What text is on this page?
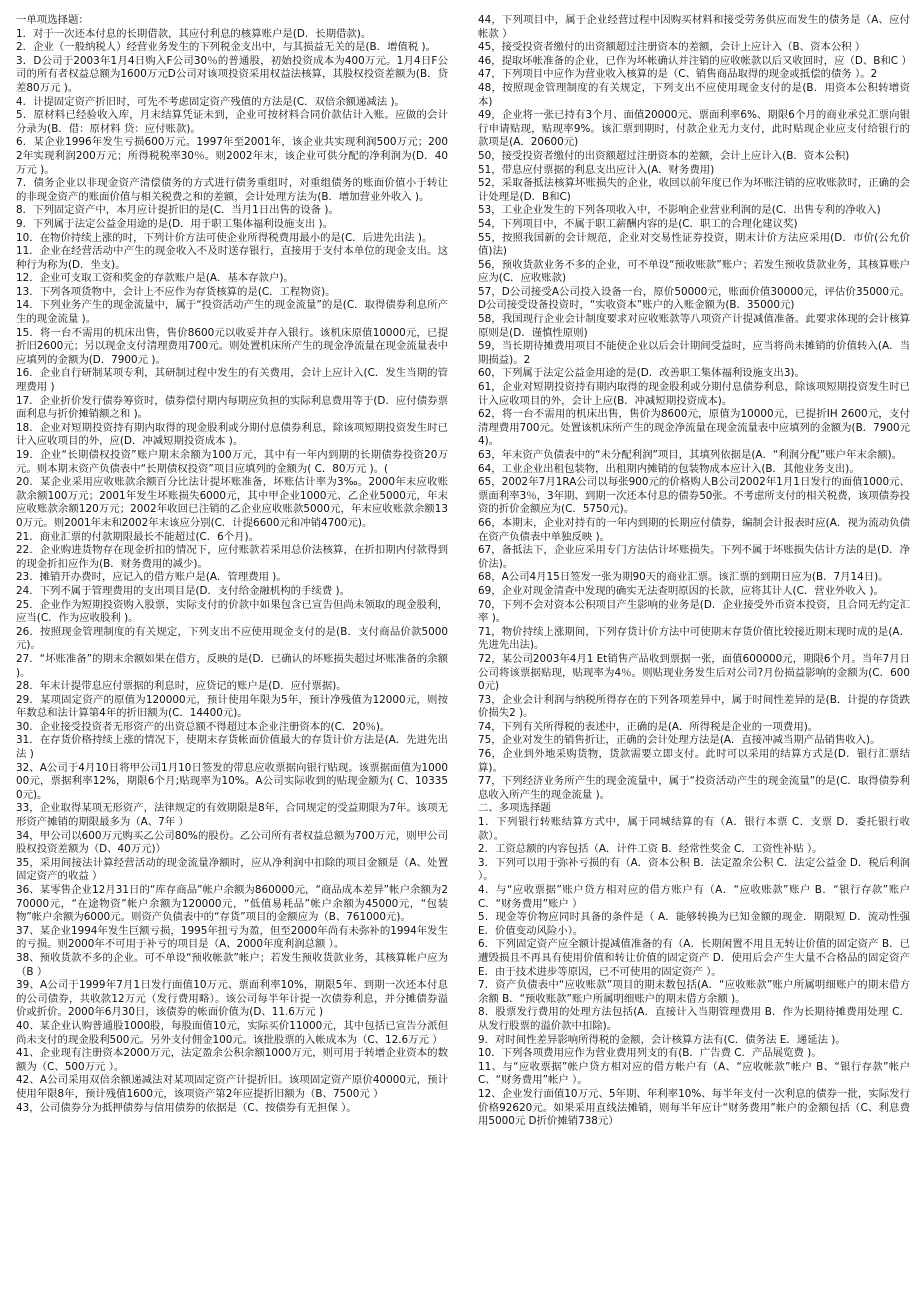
一单项选择题：

1．对于一次还本付息的长期借款，其应付利息的核算账户是(D．长期借款)。

2．企业（一般纳税人）经营业务发生的下列税金支出中，与其损益无关的是(B．增值税 )。

3．D公司于2003年1月4日购入F公司30％的普通股，初始投资成本为400万元。1月4日F公司的所有者权益总额为1600万元D公司对该项投资采用权益法核算，其股权投资差额为(B．贷差80万元 )。

4．计提固定资产折旧时，可先不考虑固定资产残值的方法是(C．双倍余额递减法 )。

5．原材料已经验收入库，月末结算凭证未到，企业可按材料合同价款估计入账。应做的会计分录为(B．借：原材料 贷：应付账款)。

6．某企业1996年发生亏损600万元。1997年至2001年，该企业共实现利润500万元；2002年实现利润200万元；所得税税率30％。则2002年末，该企业可供分配的净利润为(D．40万元 )。

7．债务企业以非现金资产清偿债务的方式进行债务重组时，对重组债务的账面价值小于转让的非现金资产的账面价值与相关税费之和的差额，会计处理方法为(B．增加营业外收入 )。

8．下列固定资产中，本月应计提折旧的是(C．当月1日出售的设备 )。

9．下列属于法定公益金用途的是(D．用于职工集体福利设施支出 )。

10．在物价持续上涨的时，下列计价方法可使企业所得税费用最小的是(C．后进先出法 )。

11．企业在经营活动中产生的现金收入不及时送存银行，直接用于支付本单位的现金支出。这种行为称为(D．坐支)。

12．企业可支取工资和奖金的存款账户是(A．基本存款户)。

13．下列各项货物中，会计上不应作为存货核算的是(C．工程物资)。

14．下列业务产生的现金流量中，属于“投资活动产生的现金流量”的是(C．取得债券利息所产生的现金流量 )。

15．将一台不需用的机床出售，售价8600元以收妥并存入银行。该机床原值10000元，已提折旧2600元；另以现金支付清理费用700元。则处置机床所产生的现金净流量在现金流量表中应填列的金额为(D．7900元 )。

16．企业自行研制某项专利，其研制过程中发生的有关费用，会计上应计入(C．发生当期的管理费用 )

17．企业折价发行债券筹资时，债券偿付期内每期应负担的实际利息费用等于(D．应付债券票面利息与折价摊销额之和 )。

18．企业对短期投资持有期内取得的现金股利或分期付息债券利息，除该项短期投资发生时已计入应收项目的外，应(D．冲减短期投资成本 )。

19．企业“长期债权投资”账户期末余额为100万元，其中有一年内到期的长期债券投资20万元。则本期末资产负债表中“长期债权投资”项目应填列的金额为( C．80万元 )。(

20．某企业采用应收账款余额百分比法计提坏账准备，坏账估计率为3‰。2000年末应收账款余额100万元；2001年发生坏账损失6000元，其中甲企业1000元、乙企业5000元，年末应收账款余额120万元；2002年收回已注销的乙企业应收账款5000元，年末应收账款余额130万元。则2001年末和2002年末该应分别(C．计提6600元和冲销4700元)。

21．商业汇票的付款期限最长不能超过(C．6个月)。

22．企业购进货物存在现金折扣的情况下，应付账款若采用总价法核算，在折扣期内付款得到的现金折扣应作为(B．财务费用的减少)。

23．摊销开办费时，应记入的借方账户是(A．管理费用 )。

24．下列不属于管理费用的支出项目是(D．支付给金融机构的手续费 )。

25．企业作为短期投资购入股票，实际支付的价款中如果包含已宣告但尚未领取的现金股利，应当(C．作为应收股利 )。

26．按照现金管理制度的有关规定，下列支出不应使用现金支付的是(B．支付商品价款5000元)。

27．“坏账准备”的期末余额如果在借方，反映的是(D．已确认的坏账损失超过坏账准备的余额 )。

28．年末计提带息应付票据的利息时，应贷记的账户是(D．应付票据)。

29．某项固定资产的原值为120000元，预计使用年限为5年，预计净残值为12000元，则按年数总和法计算第4年的折旧额为(C．14400元)。

30．企业接受投资者无形资产的出资总额不得超过本企业注册资本的(C．20％)。

31．在存货价格持续上涨的情况下，使期末存货帐面价值最大的存货计价方法是(A．先进先出法 )

32、A公司于4月10日将甲公司1月10日签发的带息应收票据向银行贴现。该票据面值为100000元，票据利率12%，期限6个月;贴现率为10%。A公司实际收到的贴现金额为( C、103350元)。

33，企业取得某项无形资产，法律规定的有效期限是8年，合同规定的受益期限为7年。该项无形资产摊销的期限最多为（A、7年 ）

34，甲公司以600万元购买乙公司80%的股份。乙公司所有者权益总额为700万元，则甲公司股权投资差额为（D、40万元)）

35，采用间接法计算经营活动的现金流量净额时，应从净利润中扣除的项目金额是（A、处置固定资产的收益 ）

36、某零售企业12月31日的“库存商品”帐户余额为860000元，“商品成本差异”帐户余额为270000元，“在途物资”帐户余额为120000元，“低值易耗品”帐户余额为45000元，“包装物”帐户余额为6000元。则资产负债表中的“存货”项目的金额应为（B、761000元)。

37、某企业1994年发生巨额亏损，1995年扭亏为盈，但至2000年尚有未弥补的1994年发生的亏损。则2000年不可用于补亏的项目是（A、2000年度利润总额 ）。

38、预收货款不多的企业。可不单设“预收帐款”帐户；若发生预收货款业务，其核算帐户应为（B ）

39、A公司于1999年7月1日发行面值10万元、票面利率10%，期限5年、到期一次还本付息的公司债券，共收款12万元（发行费用略）。该公司每半年计提一次债券利息，并分摊债券溢价或折价。2000年6月30日，该债券的帐面价值为(D、11.6万元 )

40、某企业认购普通股1000股，每股面值10元，实际买价11000元，其中包括已宣告分派但尚未支付的现金股利500元。另外支付佣金100元。该批股票的入帐成本为（C、12.6万元 ）

41、企业现有注册资本2000万元，法定盈余公积余额1000万元，则可用于转增企业资本的数额为（C、500万元 ）。

42、A公司采用双倍余额递减法对某项固定资产计提折旧。该项固定资产原价40000元，预计使用年限8年，预计残值1600元，该项资产第2年应提折旧额为（B、7500元 ）

43，公司债券分为抵押债券与信用债券的依据是（C、按债券有无担保 ）。

44，下列项目中，属于企业经营过程中因购买材料和接受劳务供应而发生的债务是（A、应付帐款 ）

45，接受投资者缴付的出资额超过注册资本的差额，会计上应计入（B、资本公积 ）

46，提取坏帐准备的企业，已作为坏帐确认并注销的应收帐款以后又收回时，应（D、B和C ）

47，下列项目中应作为营业收入核算的是（C、销售商品取得的现金或抵偿的债务 ）。2

48，按照现金管理制度的有关规定，下列支出不应使用现金支付的是(B．用资本公积转增资本)

49，企业将一张已持有3个月、面值20000元、票面利率6%、期限6个月的商业承兑汇票向银行申请贴现，贴现率9%。该汇票到期时，付款企业无力支付，此时贴现企业应支付给银行的款项是(A．20600元)

50，接受投资者缴付的出资额超过注册资本的差额，会计上应计入(B．资本公积)

51，带息应付票据的利息支出应计入(A．财务费用)

52，采取备抵法核算坏账损失的企业，收回以前年度已作为坏账注销的应收账款时，正确的会计处理是(D．B和C)

53，工业企业发生的下列各项收入中，不影响企业营业利润的是(C．出售专利的净收入)

54，下列项目中，不属于职工薪酬内容的是(C．职工的合理化建议奖)

55，按照我国新的会计规范，企业对交易性证券投资，期末计价方法应采用(D．市价(公允价值)法)

56，预收货款业务不多的企业，可不单设“预收账款”账户；若发生预收货款业务，其核算账户应为(C．应收账款)

57，D公司接受A公司投入设备一台，原价50000元，账面价值30000元，评估价35000元。D公司接受设备投资时，“实收资本”账户的入账金额为(B．35000元)

58，我国现行企业会计制度要求对应收账款等八项资产计提减值准备。此要求体现的会计核算原则是(D．谨慎性原则)

59，当长期待摊费用项目不能使企业以后会计期间受益时，应当将尚未摊销的价值转入(A．当期损益)。2

60，下列属于法定公益金用途的是(D．改善职工集体福利设施支出3)。

61，企业对短期投资持有期内取得的现金股利或分期付息债券利息，除该项短期投资发生时已计入应收项目的外，会计上应(B．冲减短期投资成本)。

62，将一台不需用的机床出售，售价为8600元，原值为10000元，已提折IH 2600元，支付清理费用700元。处置该机床所产生的现金净流量在现金流量表中应填列的金额为(B．7900元4)。

63，年末资产负债表中的“未分配利润”项目，其填列依据是(A．“利润分配”账户年末余额)。

64，工业企业出租包装物，出租期内摊销的包装物成本应计入(B．其他业务支出)。

65，2002年7月1RA公司以每张900元的价格购人B公司2002年1月1日发行的面值1000元、票面利率3％，3年期、到期一次还本付息的债券50张。不考虑所支付的相关税费，该项债券投资的折价金额应为(C．5750元)。

66，本期末，企业对持有的一年内到期的长期应付债券，编制会计报表时应(A．视为流动负债在资产负债表中单独反映 )。

67，备抵法下，企业应采用专门方法估计坏账损失。下列不属于坏账损失估计方法的是(D．净价法)。

68，A公司4月15日签发一张为期90天的商业汇票。该汇票的到期日应为(B．7月14日)。

69，企业对现金清查中发现的确实无法查明原因的长款，应将其计人(C．营业外收入 )。

70，下列不会对资本公积项目产生影响的业务是(D．企业接受外币资本投资，且合同无约定汇率 )。

71，物价持续上涨期间，下列存货计价方法中可使期末存货价值比较接近期末现时成的是(A．先进先出法)。

72，某公司2003年4月1 Et销售产品收到票据一张，面值600000元，期限6个月。当年7月日公司将该票据贴现，贴现率为4％。则贴现业务发生后对公司?月份损益影响的金额为(C．6000元)

73，企业会计利润与纳税所得存在的下列各项差异中，属于时间性差异的是(B．计提的存货跌价损失2 )。

74，下列有关所得税的表述中，正确的是(A．所得税是企业的一项费用)。

75，企业对发生的销售折让，正确的会计处理方法是(A．直接冲减当期产品销售收入)。

76，企业到外地采购货物，货款需要立即支付。此时可以采用的结算方式是(D．银行汇票结算)。

77，下列经济业务所产生的现金流量中，属于“投资活动产生的现金流量”的是(C．取得债券利息收入所产生的现金流量 )。

二、多项选择题

1．下列银行转账结算方式中，属于同城结算的有（A．银行本票 C．支票 D．委托银行收款）。

2．工资总额的内容包括（A．计件工资 B．经常性奖金 C．工资性补贴 ）。

3．下列可以用于弥补亏损的有（A．资本公积 B．法定盈余公积 C．法定公益金 D．税后利润 ）。

4．与“应收票据”账户贷方相对应的借方账户有（A．“应收账款”账户 B．“银行存款”账户 C．“财务费用”账户 ）

5．现金等价物应同时具备的条件是（ A．能够转换为已知金额的现金．期限短 D．流动性强 E．价值变动风险小）。

6．下列固定资产应全额计提减值准备的有（A．长期闲置不用且无转让价值的固定资产 B．已遭毁损且不再具有使用价值和转让价值的固定资产 D．使用后会产生大量不合格品的固定资产 E．由于技术进步等原因，已不可使用的固定资产 ）。

7．资产负债表中“应收账款”项目的期末数包括(A．“应收账款”账户所属明细账户的期末借方余额 B．“预收账款”账户所属明细账户的期末借方余额 )。

8．股票发行费用的处理方法包括(A．直接计入当期管理费用 B．作为长期待摊费用处理 C．从发行股票的溢价款中扣除)。

9．对时间性差异影响所得税的金额，会计核算方法有(C．债务法 E．递延法 )。

10．下列各项费用应作为营业费用列支的有(B．广告费 C．产品展览费 )。

11、与“应收票据”帐户贷方相对应的借方帐户有（A、“应收帐款”帐户 B、“银行存款”帐户 C、“财务费用”帐户 ）。

12、企业发行面值10万元、5年期、年利率10%、每半年支付一次利息的债券一批，实际发行价格92620元。如果采用直线法摊销，则每半年应计“财务费用”帐户的金额包括（C、利息费用5000元 D折价摊销738元）
